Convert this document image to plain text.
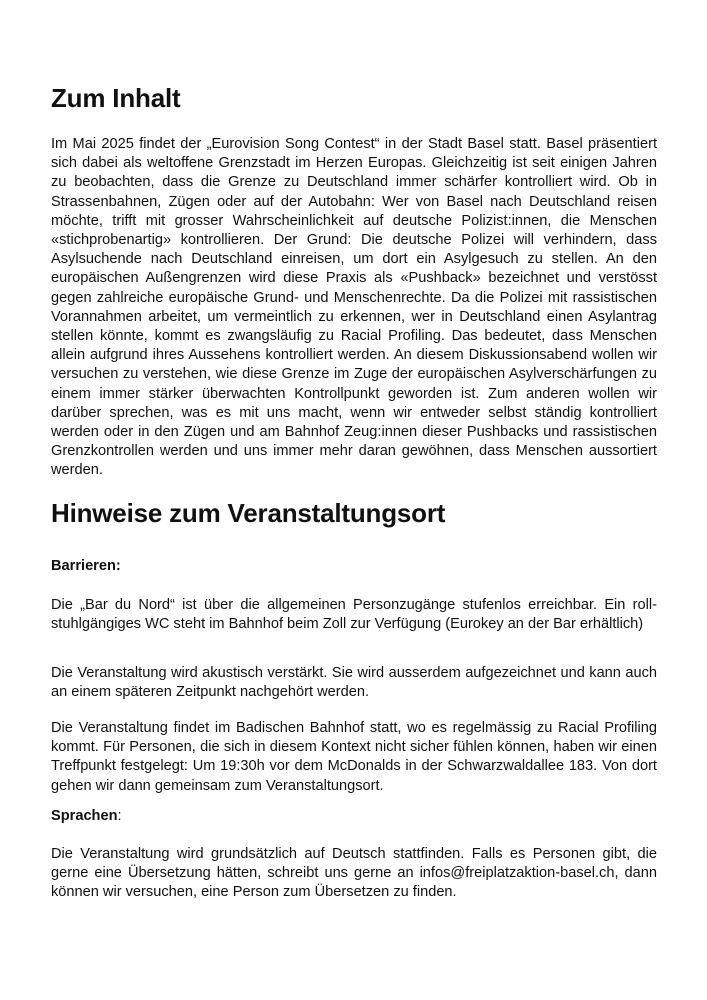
Zum Inhalt

Im Mai 2025 findet der „Eurovision Song Contest“ in der Stadt Basel statt. Basel präsentiert sich dabei als weltoffene Grenzstadt im Herzen Europas. Gleichzeitig ist seit einigen Jahren zu beobachten, dass die Grenze zu Deutschland immer schärfer kontrolliert wird. Ob in Strassenbahnen, Zügen oder auf der Autobahn: Wer von Basel nach Deutschland reisen möchte, trifft mit grosser Wahrscheinlichkeit auf deutsche Polizist:innen, die Menschen «stichprobenartig» kontrollieren. Der Grund: Die deutsche Polizei will verhindern, dass Asylsuchende nach Deutschland einreisen, um dort ein Asylgesuch zu stellen. An den europäischen Außengrenzen wird diese Praxis als «Pushback» bezeichnet und verstösst gegen zahlreiche europäische Grund- und Menschenrechte. Da die Polizei mit rassistischen Vorannahmen arbeitet, um vermeintlich zu erkennen, wer in Deutschland einen Asylantrag stellen könnte, kommt es zwangsläufig zu Racial Profiling. Das bedeutet, dass Menschen allein aufgrund ihres Aussehens kontrolliert werden. An diesem Diskussionsabend wollen wir versuchen zu verstehen, wie diese Grenze im Zuge der europäischen Asylverschärfungen zu einem immer stärker überwachten Kontrollpunkt geworden ist. Zum anderen wollen wir darüber sprechen, was es mit uns macht, wenn wir entweder selbst ständig kontrolliert werden oder in den Zügen und am Bahnhof Zeug:innen dieser Pushbacks und rassistischen Grenzkontrollen werden und uns immer mehr daran gewöhnen, dass Menschen aussortiert werden.

Hinweise zum Veranstaltungsort

Barrieren:

Die „Bar du Nord“ ist über die allgemeinen Personzugänge stufenlos erreichbar. Ein rollstuhlgängiges WC steht im Bahnhof beim Zoll zur Verfügung (Eurokey an der Bar erhältlich)

Die Veranstaltung wird akustisch verstärkt. Sie wird ausserdem aufgezeichnet und kann auch an einem späteren Zeitpunkt nachgehört werden.

Die Veranstaltung findet im Badischen Bahnhof statt, wo es regelmässig zu Racial Profiling kommt. Für Personen, die sich in diesem Kontext nicht sicher fühlen können, haben wir einen Treffpunkt festgelegt: Um 19:30h vor dem McDonalds in der Schwarzwaldallee 183. Von dort gehen wir dann gemeinsam zum Veranstaltungsort.

Sprachen:

Die Veranstaltung wird grundsätzlich auf Deutsch stattfinden. Falls es Personen gibt, die gerne eine Übersetzung hätten, schreibt uns gerne an infos@freiplatzaktion-basel.ch, dann können wir versuchen, eine Person zum Übersetzen zu finden.
